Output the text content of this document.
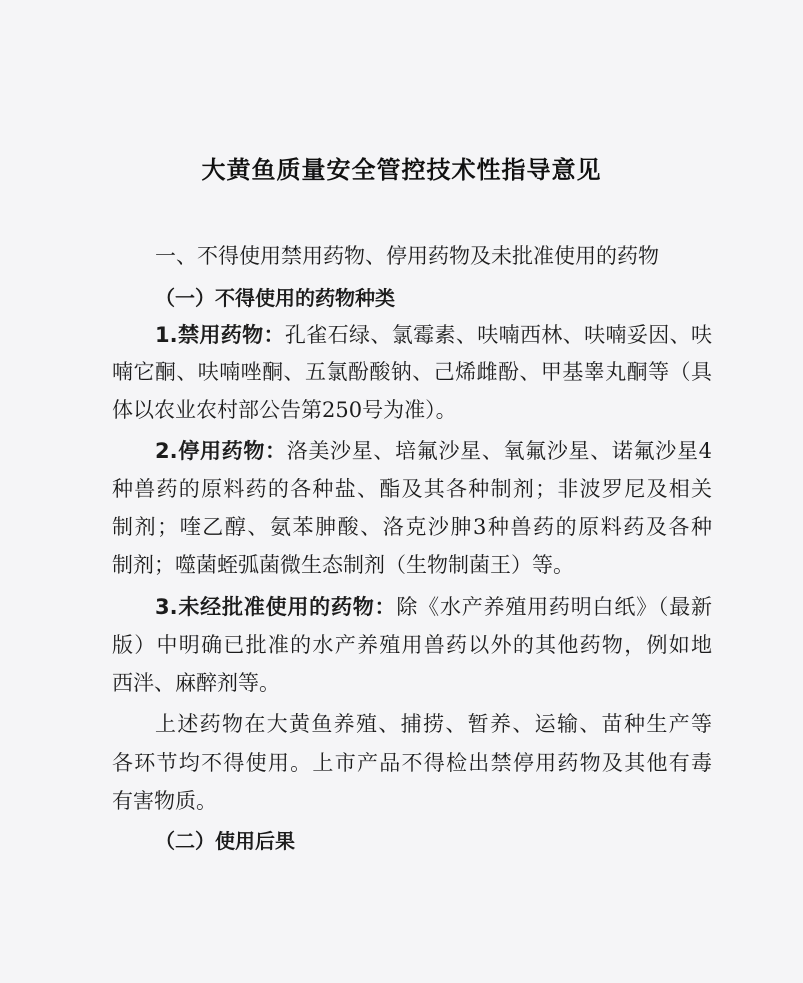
大黄鱼质量安全管控技术性指导意见
一、不得使用禁用药物、停用药物及未批准使用的药物
（一）不得使用的药物种类
1.禁用药物：孔雀石绿、氯霉素、呋喃西林、呋喃妥因、呋
喃它酮、呋喃唑酮、五氯酚酸钠、己烯雌酚、甲基睾丸酮等（具
体以农业农村部公告第250号为准）。
2.停用药物：洛美沙星、培氟沙星、氧氟沙星、诺氟沙星4
种兽药的原料药的各种盐、酯及其各种制剂；非波罗尼及相关
制剂；喹乙醇、氨苯胂酸、洛克沙胂3种兽药的原料药及各种
制剂；噬菌蛭弧菌微生态制剂（生物制菌王）等。
3.未经批准使用的药物：除《水产养殖用药明白纸》（最新
版）中明确已批准的水产养殖用兽药以外的其他药物，例如地
西泮、麻醉剂等。
上述药物在大黄鱼养殖、捕捞、暂养、运输、苗种生产等
各环节均不得使用。上市产品不得检出禁停用药物及其他有毒
有害物质。
（二）使用后果
